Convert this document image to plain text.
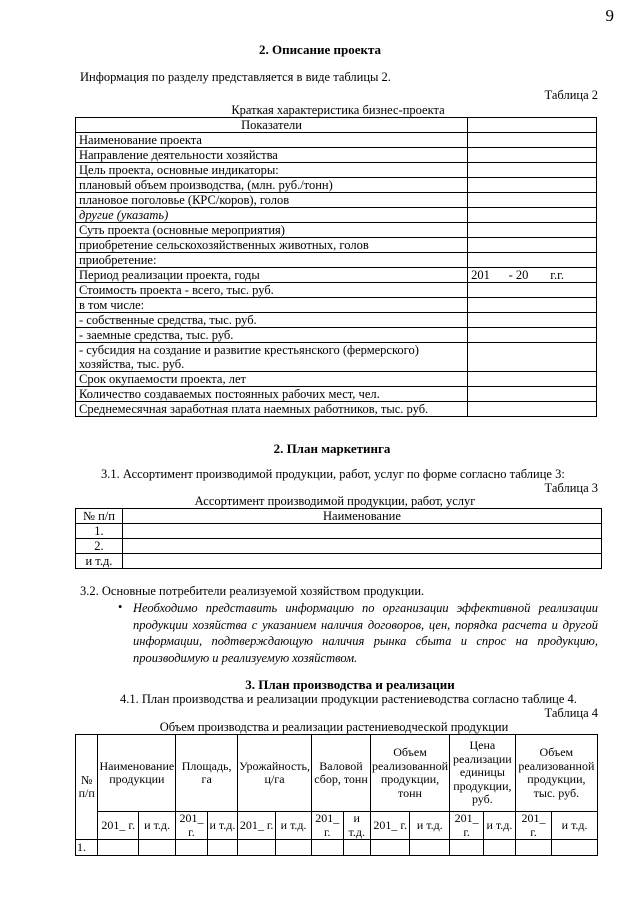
9
2. Описание проекта
Информация по разделу представляется в виде таблицы 2.
Таблица 2
Краткая характеристика бизнес-проекта
Показатели	
Наименование проекта	
Направление деятельности хозяйства	
Цель проекта, основные индикаторы:	
плановый объем производства, (млн. руб./тонн)	
плановое поголовье (КРС/коров), голов	
другие (указать)	
Суть проекта (основные мероприятия)	
приобретение сельскохозяйственных животных, голов	
приобретение:	
Период реализации проекта, годы	201      - 20       г.г.
Стоимость проекта - всего, тыс. руб.	
в том числе:	
- собственные средства, тыс. руб.	
- заемные средства, тыс. руб.	
- субсидия на создание и развитие крестьянского (фермерского) хозяйства, тыс. руб.	
Срок окупаемости проекта, лет	
Количество создаваемых постоянных рабочих мест, чел.	
Среднемесячная заработная плата наемных работников, тыс. руб.	
2. План маркетинга
3.1. Ассортимент производимой продукции, работ, услуг по форме согласно таблице 3:
Таблица 3
Ассортимент производимой продукции, работ, услуг
№ п/п	Наименование
1.	
2.	
и т.д.	
3.2. Основные потребители реализуемой хозяйством продукции.
• Необходимо представить информацию по организации эффективной реализации продукции хозяйства с указанием наличия договоров, цен, порядка расчета и другой информации, подтверждающую наличия рынка сбыта и спрос на продукцию, производимую и реализуемую хозяйством.
3. План производства и реализации
4.1. План производства и реализации продукции растениеводства согласно таблице 4.
Таблица 4
Объем производства и реализации растениеводческой продукции
№ п/п	Наименование продукции		Площадь, га		Урожайность, ц/га		Валовой сбор, тонн		Объем реализованной продукции, тонн		Цена реализации единицы продукции, руб.		Объем реализованной продукции, тыс. руб.	
	201_ г.	и т.д.	201_ г.	и т.д.	201_ г.	и т.д.	201_ г.	и т.д.	201_ г.	и т.д.	201_ г.	и т.д.	201_ г.	и т.д.
1.														
